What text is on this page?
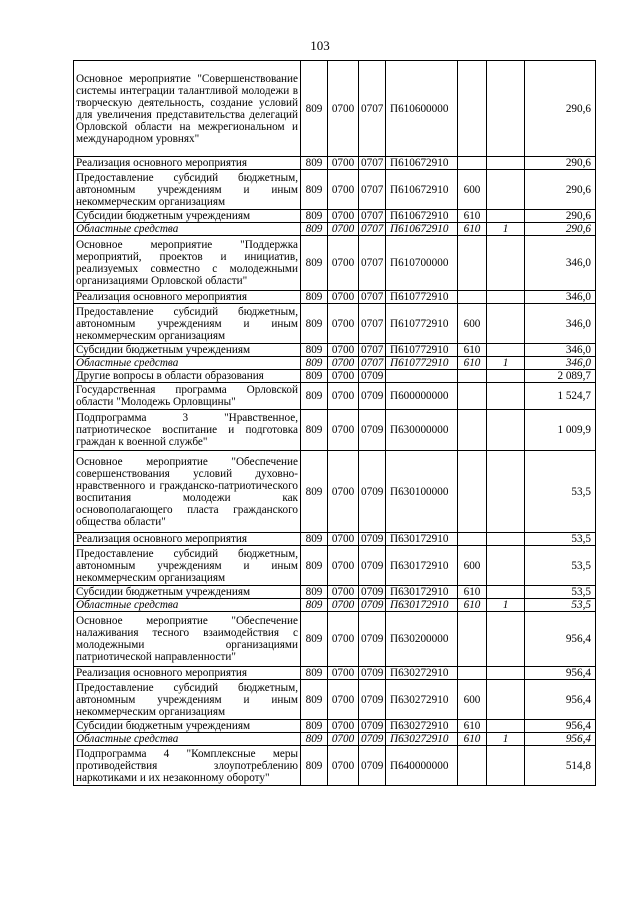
103
Основное мероприятие "Совершенствование системы интеграции талантливой молодежи в творческую деятельность, создание условий для увеличения представительства делегаций Орловской области на межрегиональном и международном уровнях"	809	0700	0707	П610600000			290,6
Реализация основного мероприятия	809	0700	0707	П610672910			290,6
Предоставление субсидий бюджетным, автономным учреждениям и иным некоммерческим организациям	809	0700	0707	П610672910	600		290,6
Субсидии бюджетным учреждениям	809	0700	0707	П610672910	610		290,6
Областные средства	809	0700	0707	П610672910	610	1	290,6
Основное мероприятие "Поддержка мероприятий, проектов и инициатив, реализуемых совместно с молодежными организациями Орловской области"	809	0700	0707	П610700000			346,0
Реализация основного мероприятия	809	0700	0707	П610772910			346,0
Предоставление субсидий бюджетным, автономным учреждениям и иным некоммерческим организациям	809	0700	0707	П610772910	600		346,0
Субсидии бюджетным учреждениям	809	0700	0707	П610772910	610		346,0
Областные средства	809	0700	0707	П610772910	610	1	346,0
Другие вопросы в области образования	809	0700	0709				2 089,7
Государственная программа Орловской области "Молодежь Орловщины"	809	0700	0709	П600000000			1 524,7
Подпрограмма 3 "Нравственное, патриотическое воспитание и подготовка граждан к военной службе"	809	0700	0709	П630000000			1 009,9
Основное мероприятие "Обеспечение совершенствования условий духовно-нравственного и гражданско-патриотического воспитания молодежи как основополагающего пласта гражданского общества области"	809	0700	0709	П630100000			53,5
Реализация основного мероприятия	809	0700	0709	П630172910			53,5
Предоставление субсидий бюджетным, автономным учреждениям и иным некоммерческим организациям	809	0700	0709	П630172910	600		53,5
Субсидии бюджетным учреждениям	809	0700	0709	П630172910	610		53,5
Областные средства	809	0700	0709	П630172910	610	1	53,5
Основное мероприятие "Обеспечение налаживания тесного взаимодействия с молодежными организациями патриотической направленности"	809	0700	0709	П630200000			956,4
Реализация основного мероприятия	809	0700	0709	П630272910			956,4
Предоставление субсидий бюджетным, автономным учреждениям и иным некоммерческим организациям	809	0700	0709	П630272910	600		956,4
Субсидии бюджетным учреждениям	809	0700	0709	П630272910	610		956,4
Областные средства	809	0700	0709	П630272910	610	1	956,4
Подпрограмма 4 "Комплексные меры противодействия злоупотреблению наркотиками и их незаконному обороту"	809	0700	0709	П640000000			514,8
